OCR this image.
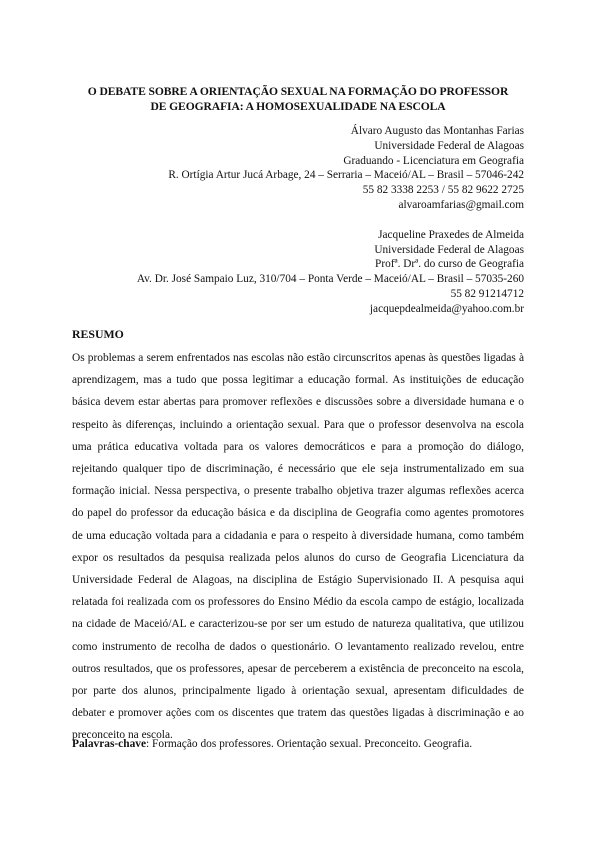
O DEBATE SOBRE A ORIENTAÇÃO SEXUAL NA FORMAÇÃO DO PROFESSOR
DE GEOGRAFIA: A HOMOSEXUALIDADE NA ESCOLA
Álvaro Augusto das Montanhas Farias
Universidade Federal de Alagoas
Graduando - Licenciatura em Geografia
R. Ortígia Artur Jucá Arbage, 24 – Serraria – Maceió/AL – Brasil – 57046-242
55 82 3338 2253 / 55 82 9622 2725
alvaroamfarias@gmail.com
Jacqueline Praxedes de Almeida
Universidade Federal de Alagoas
Profª. Drª. do curso de Geografia
Av. Dr. José Sampaio Luz, 310/704 – Ponta Verde – Maceió/AL – Brasil – 57035-260
55 82 91214712
jacquepdealmeida@yahoo.com.br
RESUMO

Os problemas a serem enfrentados nas escolas não estão circunscritos apenas às questões ligadas à aprendizagem, mas a tudo que possa legitimar a educação formal. As instituições de educação básica devem estar abertas para promover reflexões e discussões sobre a diversidade humana e o respeito às diferenças, incluindo a orientação sexual. Para que o professor desenvolva na escola uma prática educativa voltada para os valores democráticos e para a promoção do diálogo, rejeitando qualquer tipo de discriminação, é necessário que ele seja instrumentalizado em sua formação inicial. Nessa perspectiva, o presente trabalho objetiva trazer algumas reflexões acerca do papel do professor da educação básica e da disciplina de Geografia como agentes promotores de uma educação voltada para a cidadania e para o respeito à diversidade humana, como também expor os resultados da pesquisa realizada pelos alunos do curso de Geografia Licenciatura da Universidade Federal de Alagoas, na disciplina de Estágio Supervisionado II. A pesquisa aqui relatada foi realizada com os professores do Ensino Médio da escola campo de estágio, localizada na cidade de Maceió/AL e caracterizou-se por ser um estudo de natureza qualitativa, que utilizou como instrumento de recolha de dados o questionário. O levantamento realizado revelou, entre outros resultados, que os professores, apesar de perceberem a existência de preconceito na escola, por parte dos alunos, principalmente ligado à orientação sexual, apresentam dificuldades de debater e promover ações com os discentes que tratem das questões ligadas à discriminação e ao preconceito na escola.

Palavras-chave: Formação dos professores. Orientação sexual. Preconceito. Geografia.
